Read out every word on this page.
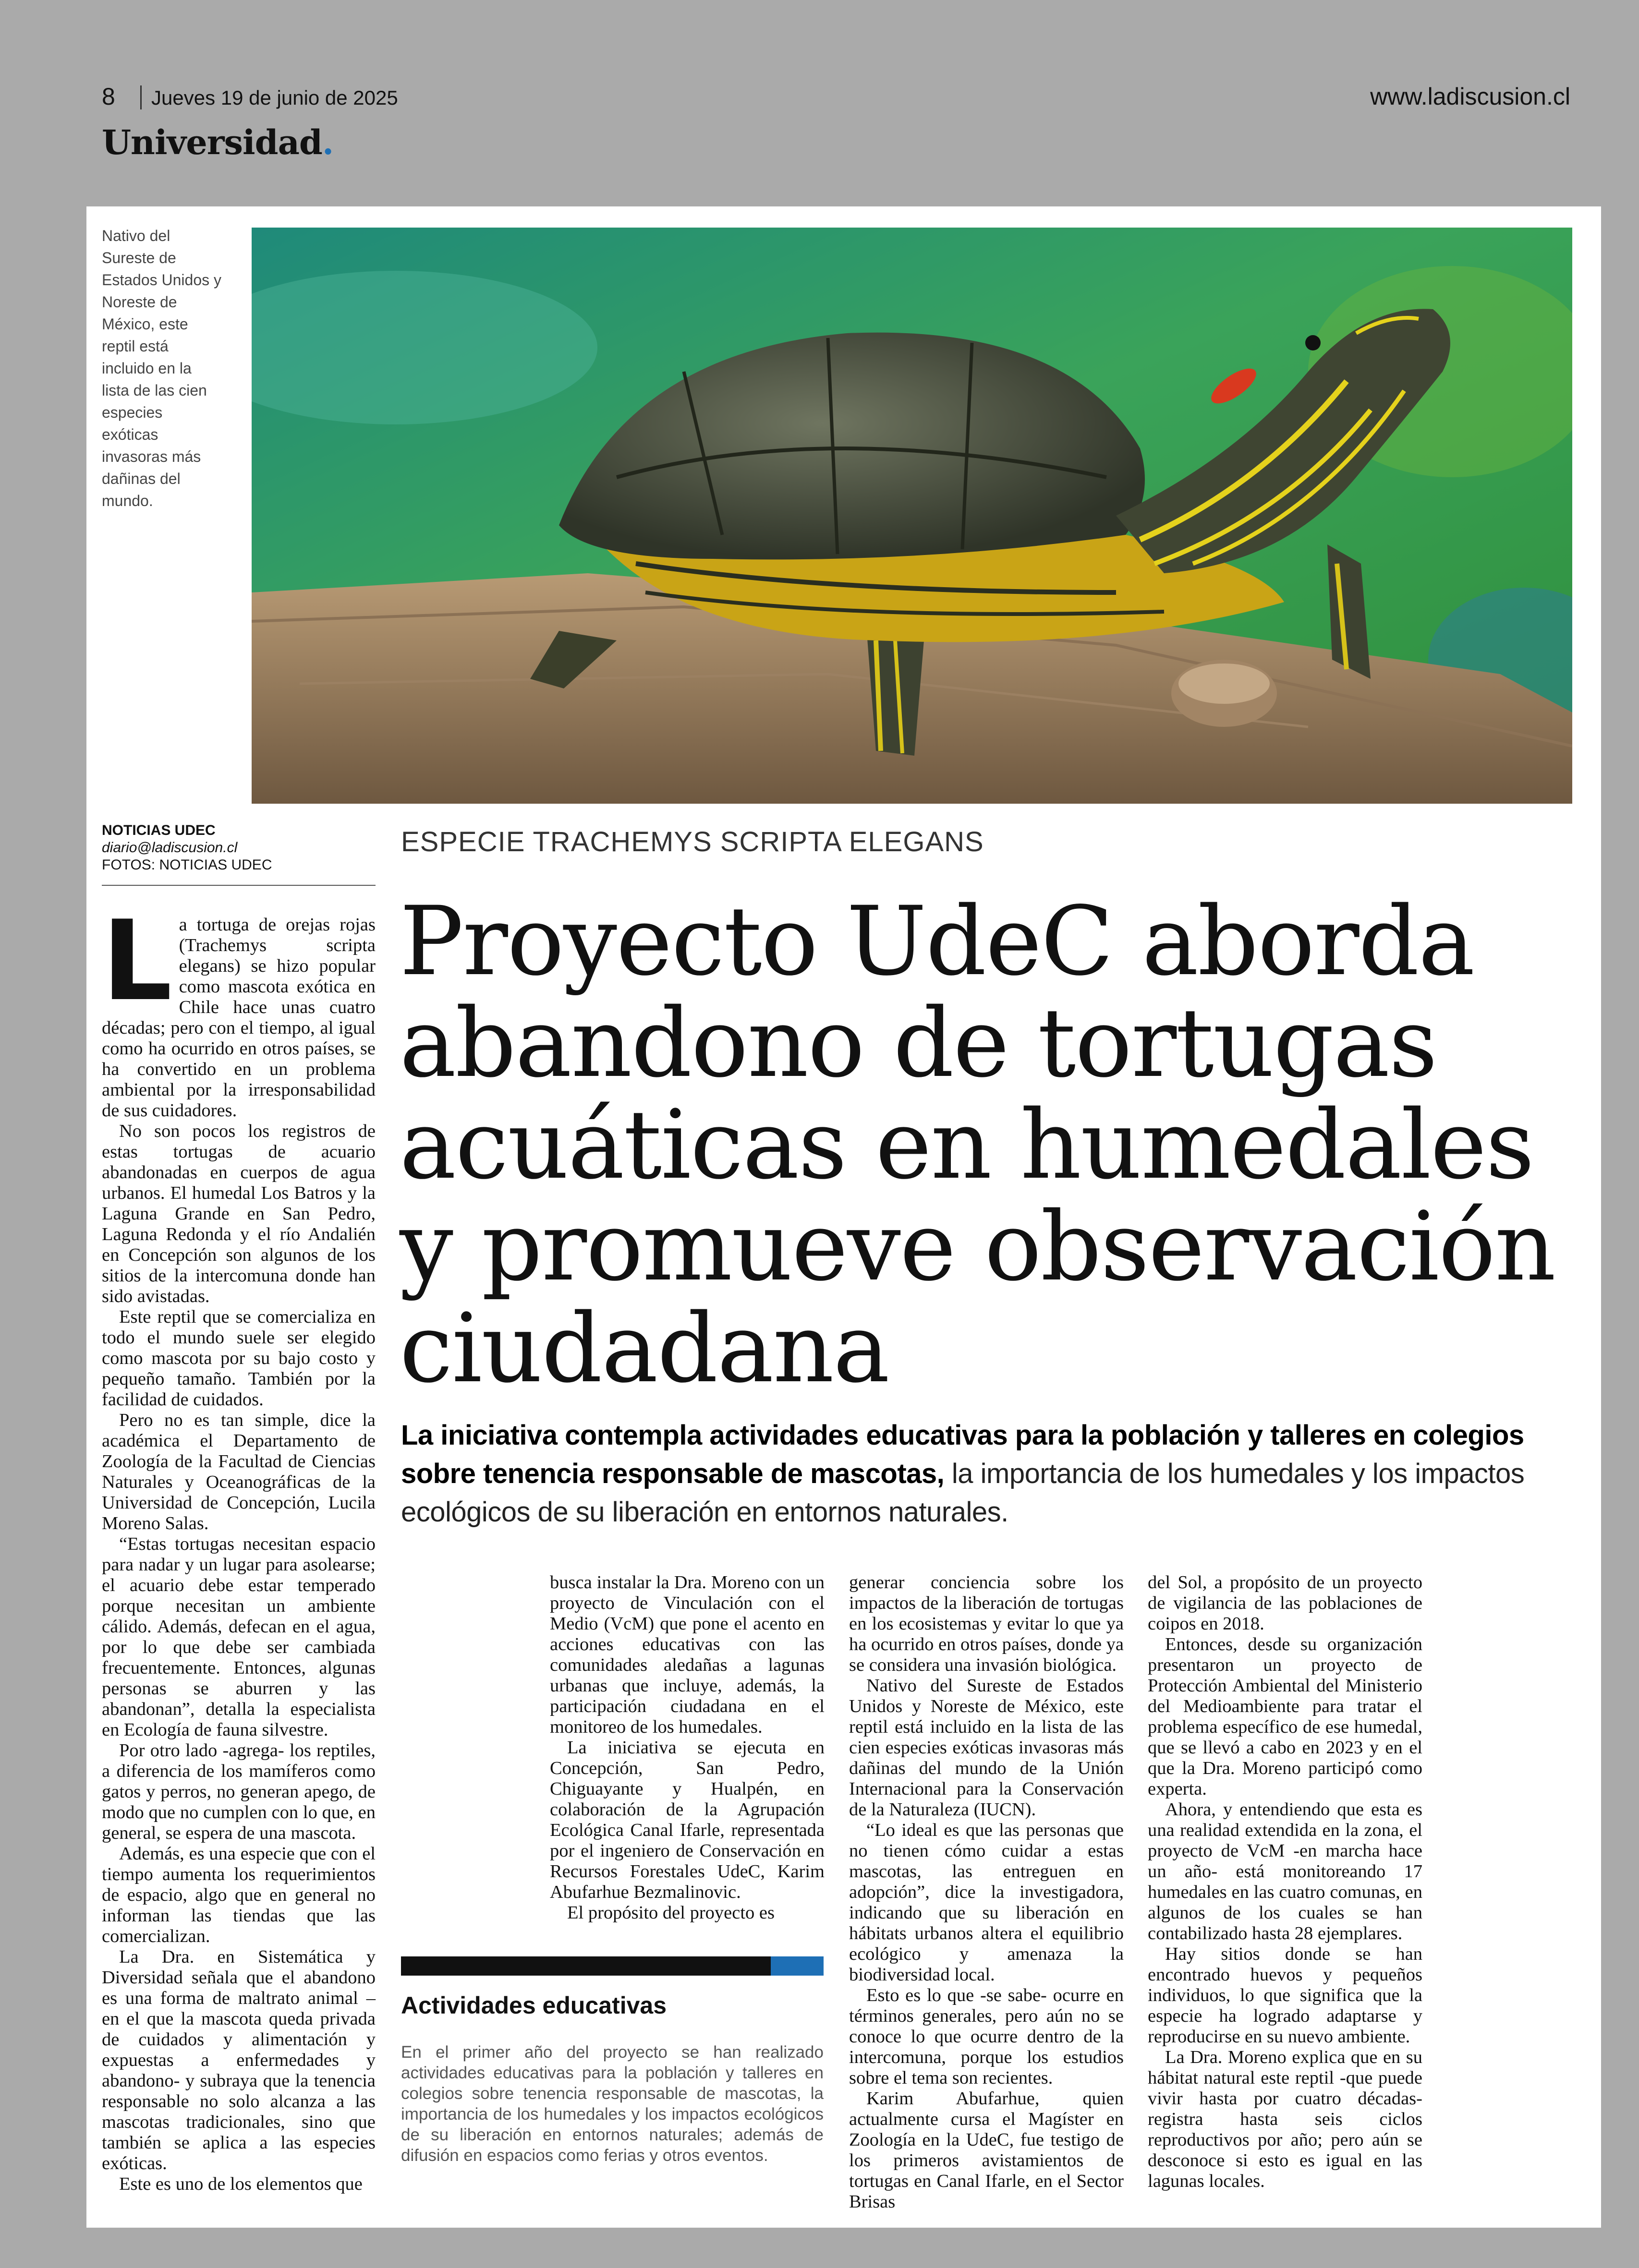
8 Jueves 19 de junio de 2025	www.ladiscusion.cl
Universidad.
Nativo del Sureste de Estados Unidos y Noreste de México, este reptil está incluido en la lista de las cien especies exóticas invasoras más dañinas del mundo.
NOTICIAS UDEC
diario@ladiscusion.cl
FOTOS: NOTICIAS UDEC
ESPECIE TRACHEMYS SCRIPTA ELEGANS
Proyecto UdeC aborda abandono de tortugas acuáticas en humedales y promueve observación ciudadana
La iniciativa contempla actividades educativas para la población y talleres en colegios sobre tenencia responsable de mascotas, la importancia de los humedales y los impactos ecológicos de su liberación en entornos naturales.
L a tortuga de orejas rojas (Trachemys scripta elegans) se hizo popular como mascota exótica en Chile hace unas cuatro décadas; pero con el tiempo, al igual como ha ocurrido en otros países, se ha convertido en un problema ambiental por la irresponsabilidad de sus cuidadores.

No son pocos los registros de estas tortugas de acuario abandonadas en cuerpos de agua urbanos. El humedal Los Batros y la Laguna Grande en San Pedro, Laguna Redonda y el río Andalién en Concepción son algunos de los sitios de la intercomuna donde han sido avistadas.

Este reptil que se comercializa en todo el mundo suele ser elegido como mascota por su bajo costo y pequeño tamaño. También por la facilidad de cuidados.

Pero no es tan simple, dice la académica el Departamento de Zoología de la Facultad de Ciencias Naturales y Oceanográficas de la Universidad de Concepción, Lucila Moreno Salas.

“Estas tortugas necesitan espacio para nadar y un lugar para asolearse; el acuario debe estar temperado porque necesitan un ambiente cálido. Además, defecan en el agua, por lo que debe ser cambiada frecuentemente. Entonces, algunas personas se aburren y las abandonan”, detalla la especialista en Ecología de fauna silvestre.

Por otro lado -agrega- los reptiles, a diferencia de los mamíferos como gatos y perros, no generan apego, de modo que no cumplen con lo que, en general, se espera de una mascota.

Además, es una especie que con el tiempo aumenta los requerimientos de espacio, algo que en general no informan las tiendas que las comercializan.

La Dra. en Sistemática y Diversidad señala que el abandono es una forma de maltrato animal – en el que la mascota queda privada de cuidados y alimentación y expuestas a enfermedades y abandono- y subraya que la tenencia responsable no solo alcanza a las mascotas tradicionales, sino que también se aplica a las especies exóticas.

Este es uno de los elementos que

busca instalar la Dra. Moreno con un proyecto de Vinculación con el Medio (VcM) que pone el acento en acciones educativas con las comunidades aledañas a lagunas urbanas que incluye, además, la participación ciudadana en el monitoreo de los humedales.

La iniciativa se ejecuta en Concepción, San Pedro, Chiguayante y Hualpén, en colaboración de la Agrupación Ecológica Canal Ifarle, representada por el ingeniero de Conservación en Recursos Forestales UdeC, Karim Abufarhue Bezmalinovic.

El propósito del proyecto es

generar conciencia sobre los impactos de la liberación de tortugas en los ecosistemas y evitar lo que ya ha ocurrido en otros países, donde ya se considera una invasión biológica.

Nativo del Sureste de Estados Unidos y Noreste de México, este reptil está incluido en la lista de las cien especies exóticas invasoras más dañinas del mundo de la Unión Internacional para la Conservación de la Naturaleza (IUCN).

“Lo ideal es que las personas que no tienen cómo cuidar a estas mascotas, las entreguen en adopción”, dice la investigadora, indicando que su liberación en hábitats urbanos altera el equilibrio ecológico y amenaza la biodiversidad local.

Esto es lo que -se sabe- ocurre en términos generales, pero aún no se conoce lo que ocurre dentro de la intercomuna, porque los estudios sobre el tema son recientes.

Karim Abufarhue, quien actualmente cursa el Magíster en Zoología en la UdeC, fue testigo de los primeros avistamientos de tortugas en Canal Ifarle, en el Sector Brisas

del Sol, a propósito de un proyecto de vigilancia de las poblaciones de coipos en 2018.

Entonces, desde su organización presentaron un proyecto de Protección Ambiental del Ministerio del Medioambiente para tratar el problema específico de ese humedal, que se llevó a cabo en 2023 y en el que la Dra. Moreno participó como experta.

Ahora, y entendiendo que esta es una realidad extendida en la zona, el proyecto de VcM -en marcha hace un año- está monitoreando 17 humedales en las cuatro comunas, en algunos de los cuales se han contabilizado hasta 28 ejemplares.

Hay sitios donde se han encontrado huevos y pequeños individuos, lo que significa que la especie ha logrado adaptarse y reproducirse en su nuevo ambiente.

La Dra. Moreno explica que en su hábitat natural este reptil -que puede vivir hasta por cuatro décadas- registra hasta seis ciclos reproductivos por año; pero aún se desconoce si esto es igual en las lagunas locales.

Actividades educativas
En el primer año del proyecto se han realizado actividades educativas para la población y talleres en colegios sobre tenencia responsable de mascotas, la importancia de los humedales y los impactos ecológicos de su liberación en entornos naturales; además de difusión en espacios como ferias y otros eventos.
